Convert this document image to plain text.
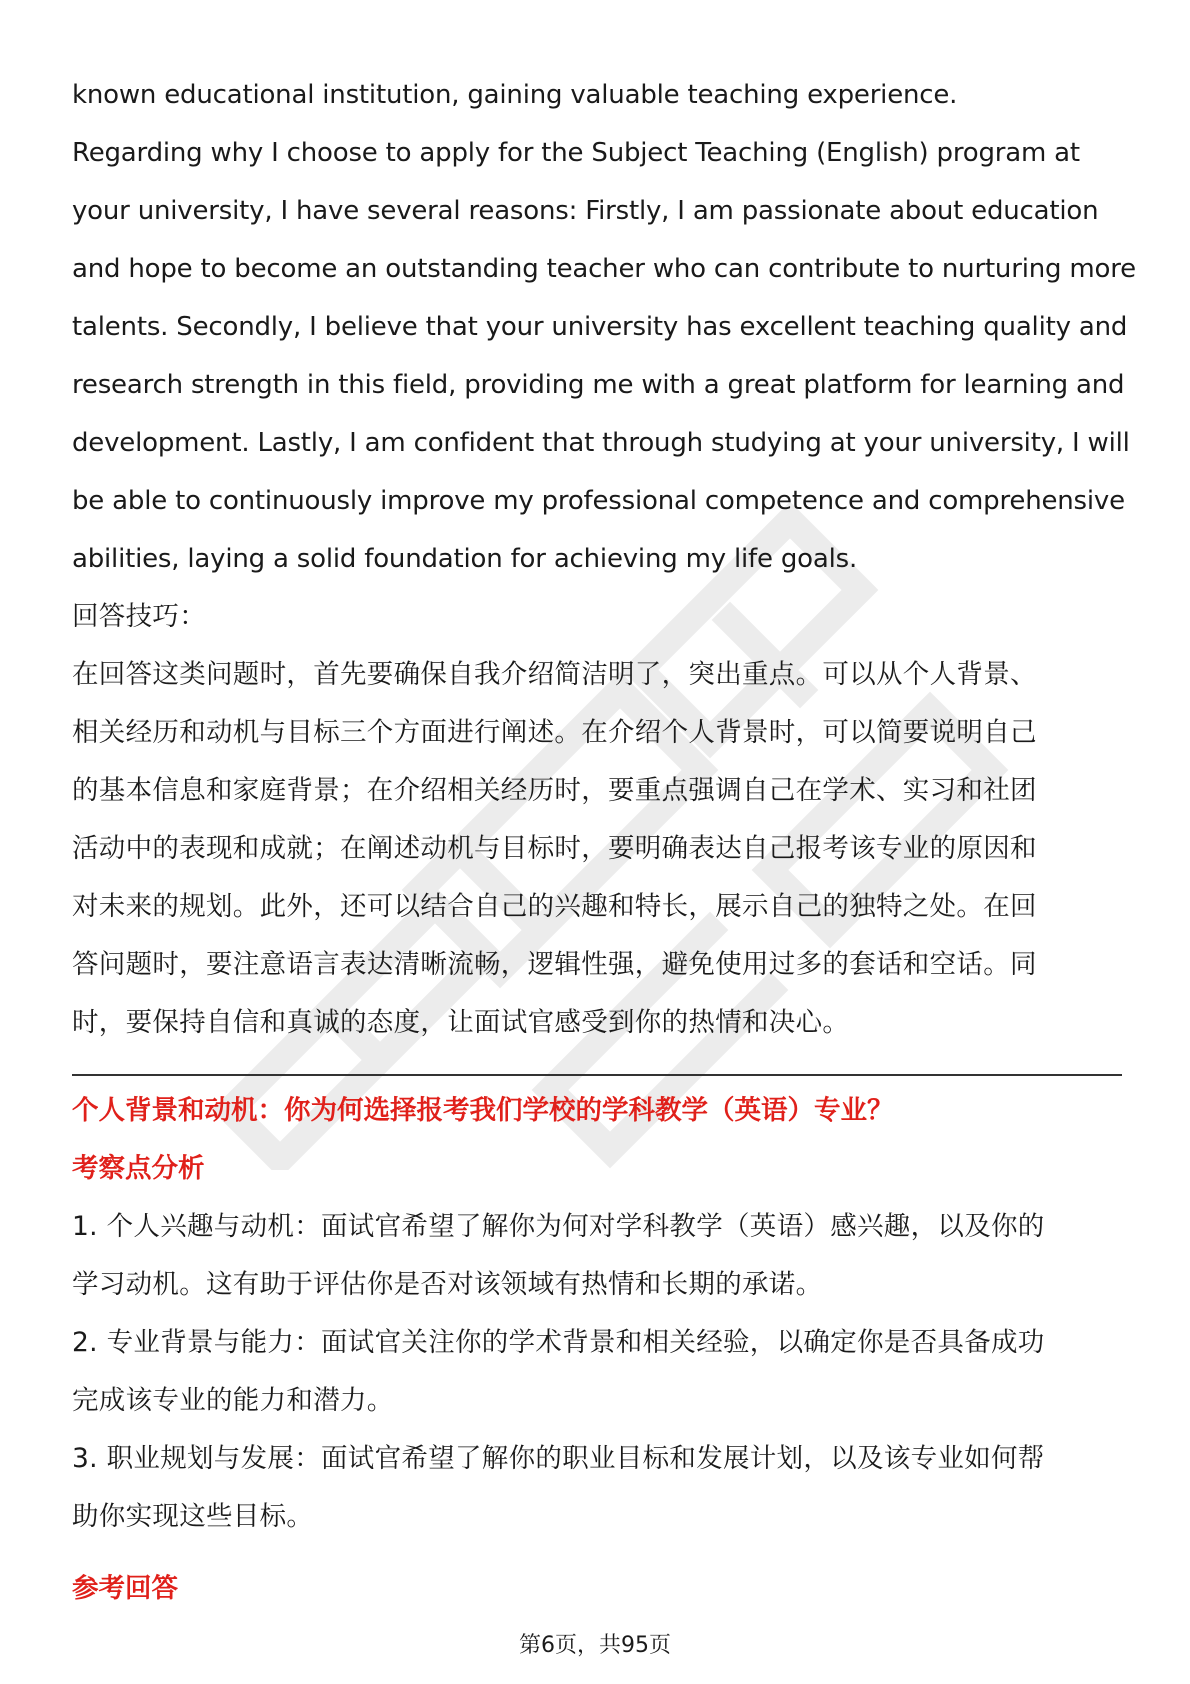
known educational institution, gaining valuable teaching experience.
Regarding why I choose to apply for the Subject Teaching (English) program at
your university, I have several reasons: Firstly, I am passionate about education
and hope to become an outstanding teacher who can contribute to nurturing more
talents. Secondly, I believe that your university has excellent teaching quality and
research strength in this field, providing me with a great platform for learning and
development. Lastly, I am confident that through studying at your university, I will
be able to continuously improve my professional competence and comprehensive
abilities, laying a solid foundation for achieving my life goals.
回答技巧：
在回答这类问题时，首先要确保自我介绍简洁明了，突出重点。可以从个人背景、
相关经历和动机与目标三个方面进行阐述。在介绍个人背景时，可以简要说明自己
的基本信息和家庭背景；在介绍相关经历时，要重点强调自己在学术、实习和社团
活动中的表现和成就；在阐述动机与目标时，要明确表达自己报考该专业的原因和
对未来的规划。此外，还可以结合自己的兴趣和特长，展示自己的独特之处。在回
答问题时，要注意语言表达清晰流畅，逻辑性强，避免使用过多的套话和空话。同
时，要保持自信和真诚的态度，让面试官感受到你的热情和决心。
个人背景和动机：你为何选择报考我们学校的学科教学（英语）专业？
考察点分析
1. 个人兴趣与动机：面试官希望了解你为何对学科教学（英语）感兴趣，以及你的
学习动机。这有助于评估你是否对该领域有热情和长期的承诺。
2. 专业背景与能力：面试官关注你的学术背景和相关经验，以确定你是否具备成功
完成该专业的能力和潜力。
3. 职业规划与发展：面试官希望了解你的职业目标和发展计划，以及该专业如何帮
助你实现这些目标。
参考回答
第6页，共95页
